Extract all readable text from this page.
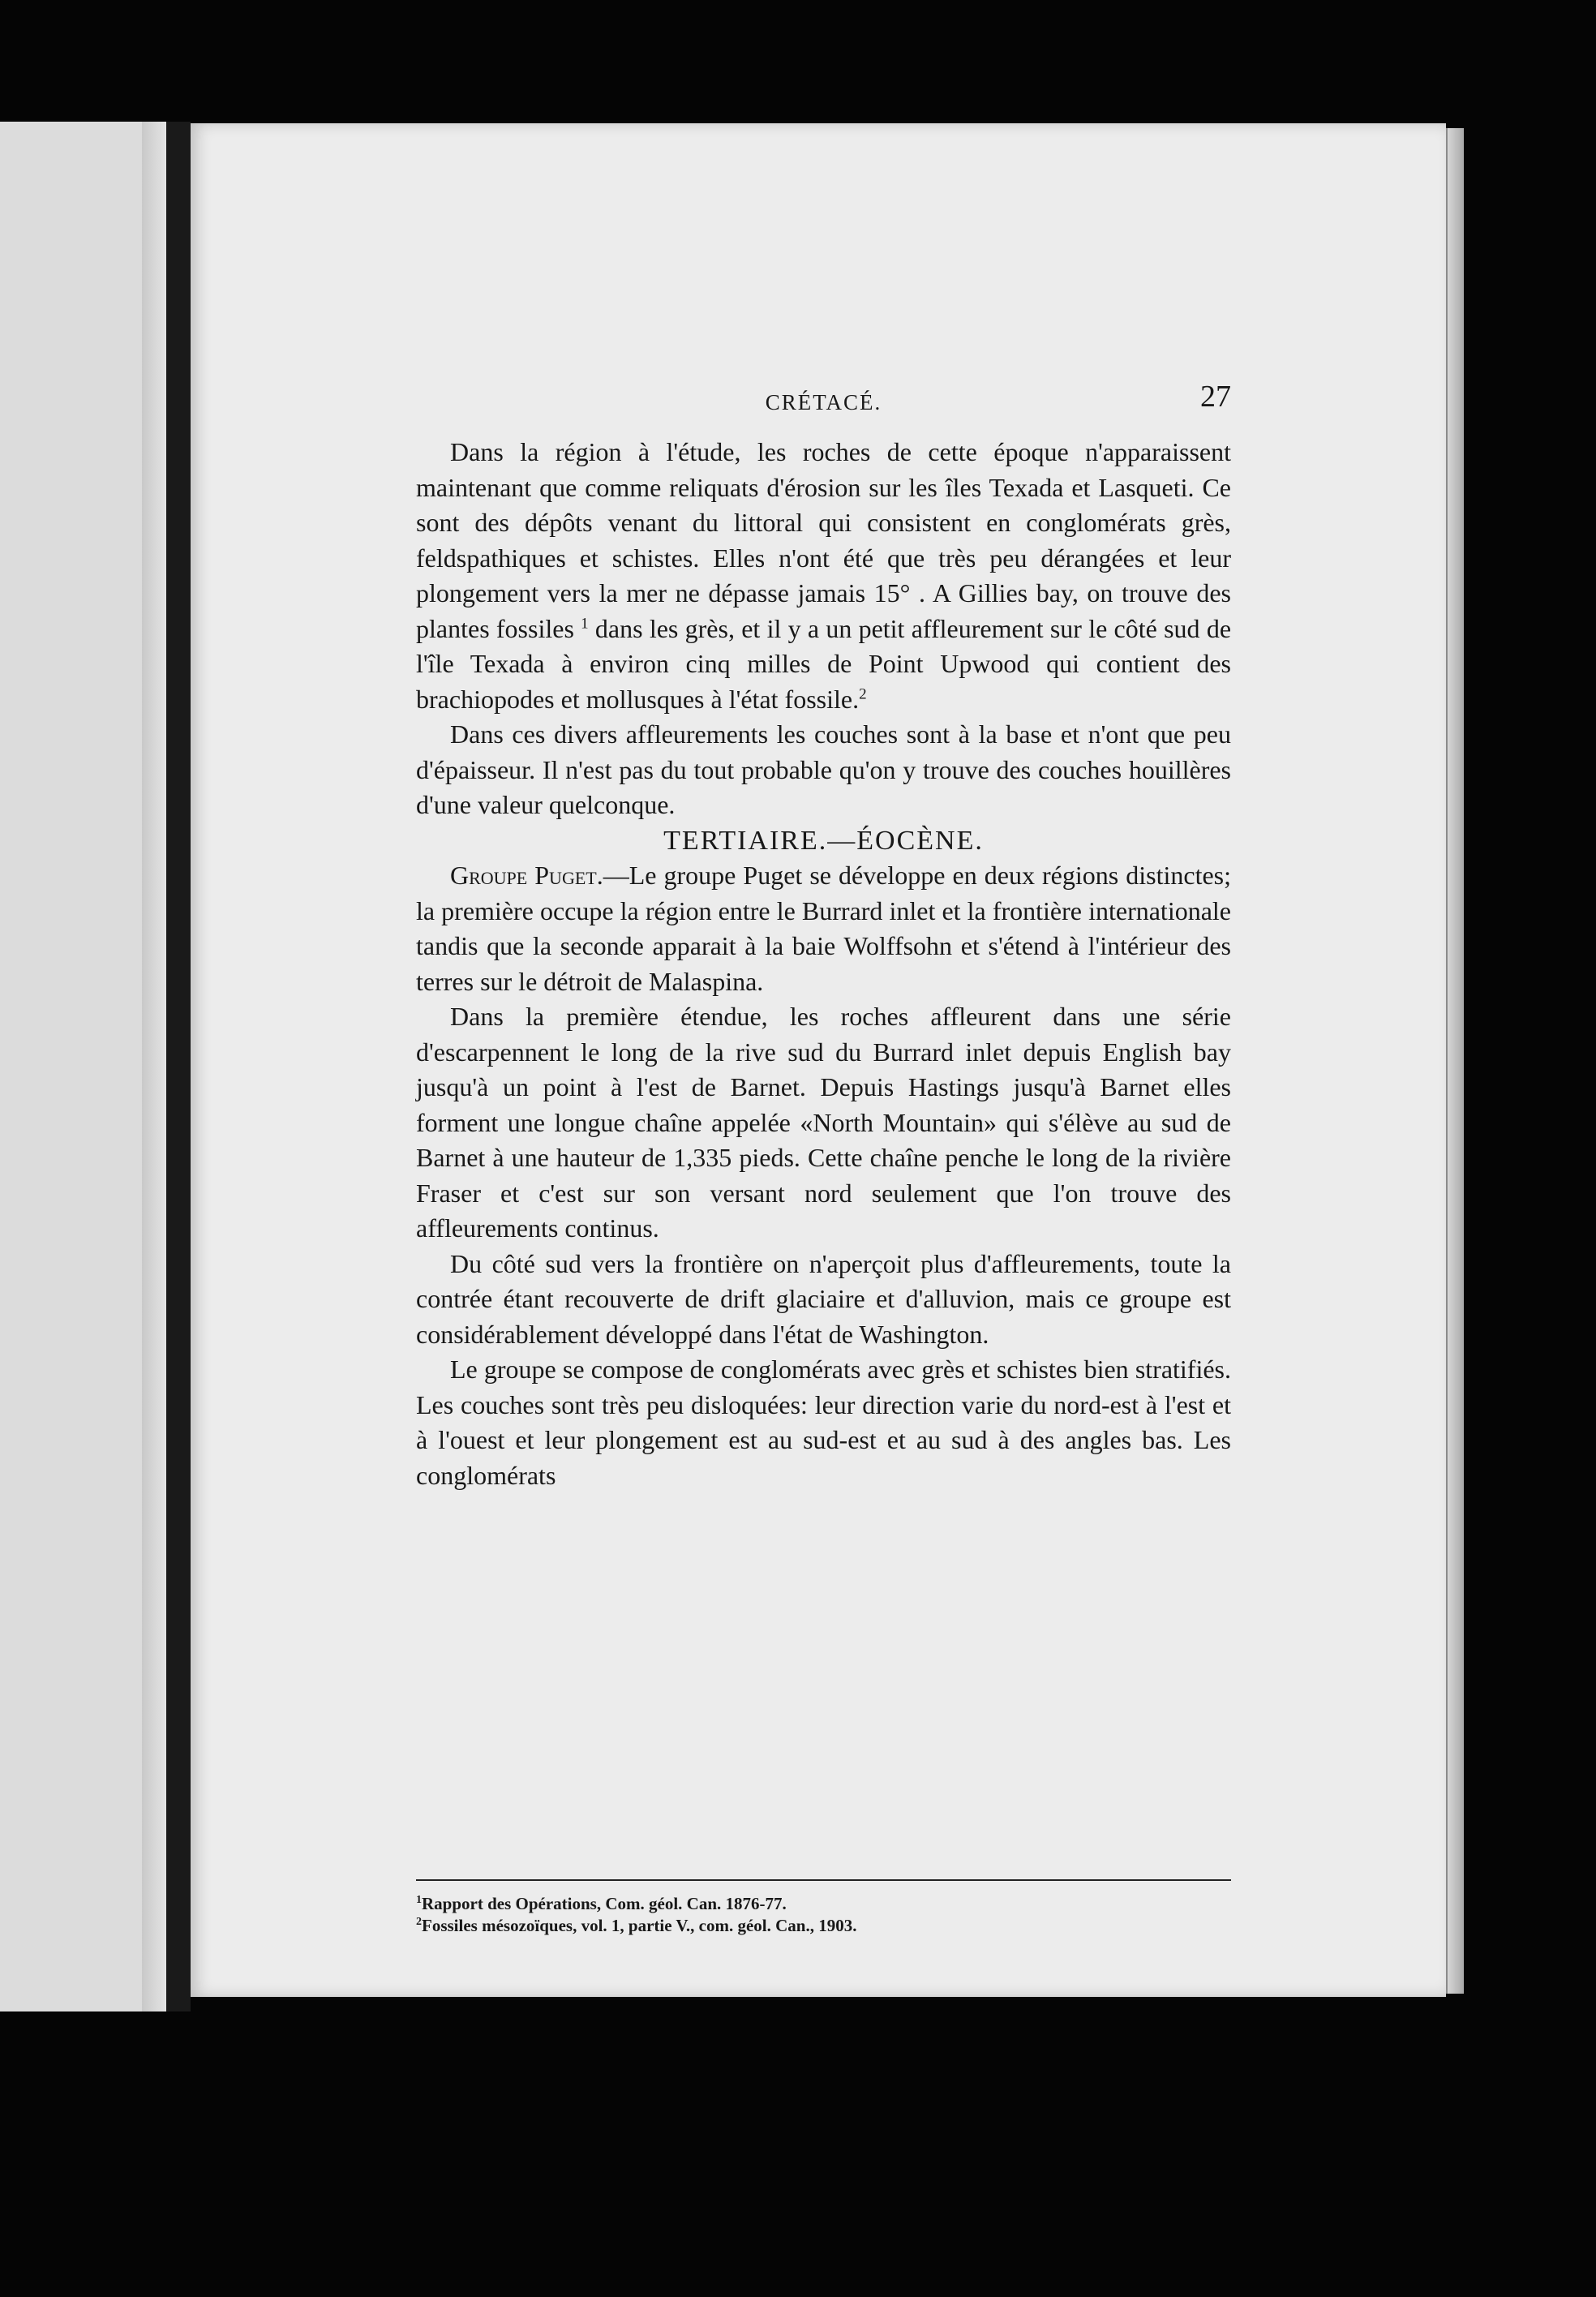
CRÉTACÉ.	27

Dans la région à l'étude, les roches de cette époque n'apparaissent maintenant que comme reliquats d'érosion sur les îles Texada et Lasqueti. Ce sont des dépôts venant du littoral qui consistent en conglomérats grès, feldspathiques et schistes. Elles n'ont été que très peu dérangées et leur plongement vers la mer ne dépasse jamais 15° . A Gillies bay, on trouve des plantes fossiles $^1$ dans les grès, et il y a un petit affleurement sur le côté sud de l'île Texada à environ cinq milles de Point Upwood qui contient des brachiopodes et mollusques à l'état fossile.$^2$

Dans ces divers affleurements les couches sont à la base et n'ont que peu d'épaisseur. Il n'est pas du tout probable qu'on y trouve des couches houillères d'une valeur quelconque.

TERTIAIRE.—ÉOCÈNE.

Groupe Puget.—Le groupe Puget se développe en deux régions distinctes; la première occupe la région entre le Burrard inlet et la frontière internationale tandis que la seconde apparait à la baie Wolffsohn et s'étend à l'intérieur des terres sur le détroit de Malaspina.

Dans la première étendue, les roches affleurent dans une série d'escarpennent le long de la rive sud du Burrard inlet depuis English bay jusqu'à un point à l'est de Barnet. Depuis Hastings jusqu'à Barnet elles forment une longue chaîne appelée «North Mountain» qui s'élève au sud de Barnet à une hauteur de 1,335 pieds. Cette chaîne penche le long de la rivière Fraser et c'est sur son versant nord seulement que l'on trouve des affleurements continus.

Du côté sud vers la frontière on n'aperçoit plus d'affleurements, toute la contrée étant recouverte de drift glaciaire et d'alluvion, mais ce groupe est considérablement développé dans l'état de Washington.

Le groupe se compose de conglomérats avec grès et schistes bien stratifiés. Les couches sont très peu disloquées: leur direction varie du nord-est à l'est et à l'ouest et leur plongement est au sud-est et au sud à des angles bas. Les conglomérats

$^1$Rapport des Opérations, Com. géol. Can. 1876-77.
$^2$Fossiles mésozoïques, vol. 1, partie V., com. géol. Can., 1903.
